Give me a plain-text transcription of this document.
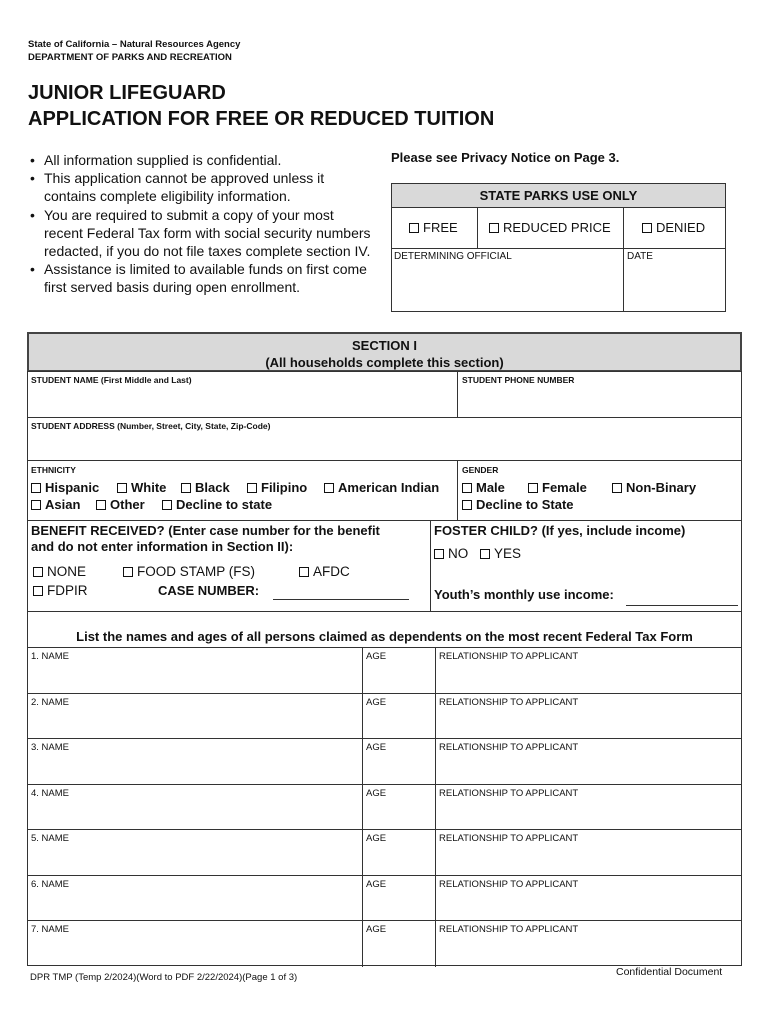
State of California – Natural Resources Agency
DEPARTMENT OF PARKS AND RECREATION
JUNIOR LIFEGUARD
APPLICATION FOR FREE OR REDUCED TUITION
• All information supplied is confidential.
• This application cannot be approved unless it contains complete eligibility information.
• You are required to submit a copy of your most recent Federal Tax form with social security numbers redacted, if you do not file taxes complete section IV.
• Assistance is limited to available funds on first come first served basis during open enrollment.
Please see Privacy Notice on Page 3.
STATE PARKS USE ONLY
FREE	REDUCED PRICE	DENIED
DETERMINING OFFICIAL	DATE
SECTION I
(All households complete this section)
STUDENT NAME (First Middle and Last)	STUDENT PHONE NUMBER
STUDENT ADDRESS (Number, Street, City, State, Zip-Code)
ETHNICITY
Hispanic	White	Black	Filipino	American Indian
Asian	Other	Decline to state
GENDER
Male	Female	Non-Binary
Decline to State
BENEFIT RECEIVED? (Enter case number for the benefit
and do not enter information in Section II):
NONE	FOOD STAMP (FS)	AFDC
FDPIR	CASE NUMBER:
FOSTER CHILD? (If yes, include income)
NO	YES
Youth’s monthly use income:
List the names and ages of all persons claimed as dependents on the most recent Federal Tax Form
1. NAME	AGE	RELATIONSHIP TO APPLICANT
2. NAME	AGE	RELATIONSHIP TO APPLICANT
3. NAME	AGE	RELATIONSHIP TO APPLICANT
4. NAME	AGE	RELATIONSHIP TO APPLICANT
5. NAME	AGE	RELATIONSHIP TO APPLICANT
6. NAME	AGE	RELATIONSHIP TO APPLICANT
7. NAME	AGE	RELATIONSHIP TO APPLICANT
DPR TMP (Temp 2/2024)(Word to PDF 2/22/2024)(Page 1 of 3)	Confidential Document
